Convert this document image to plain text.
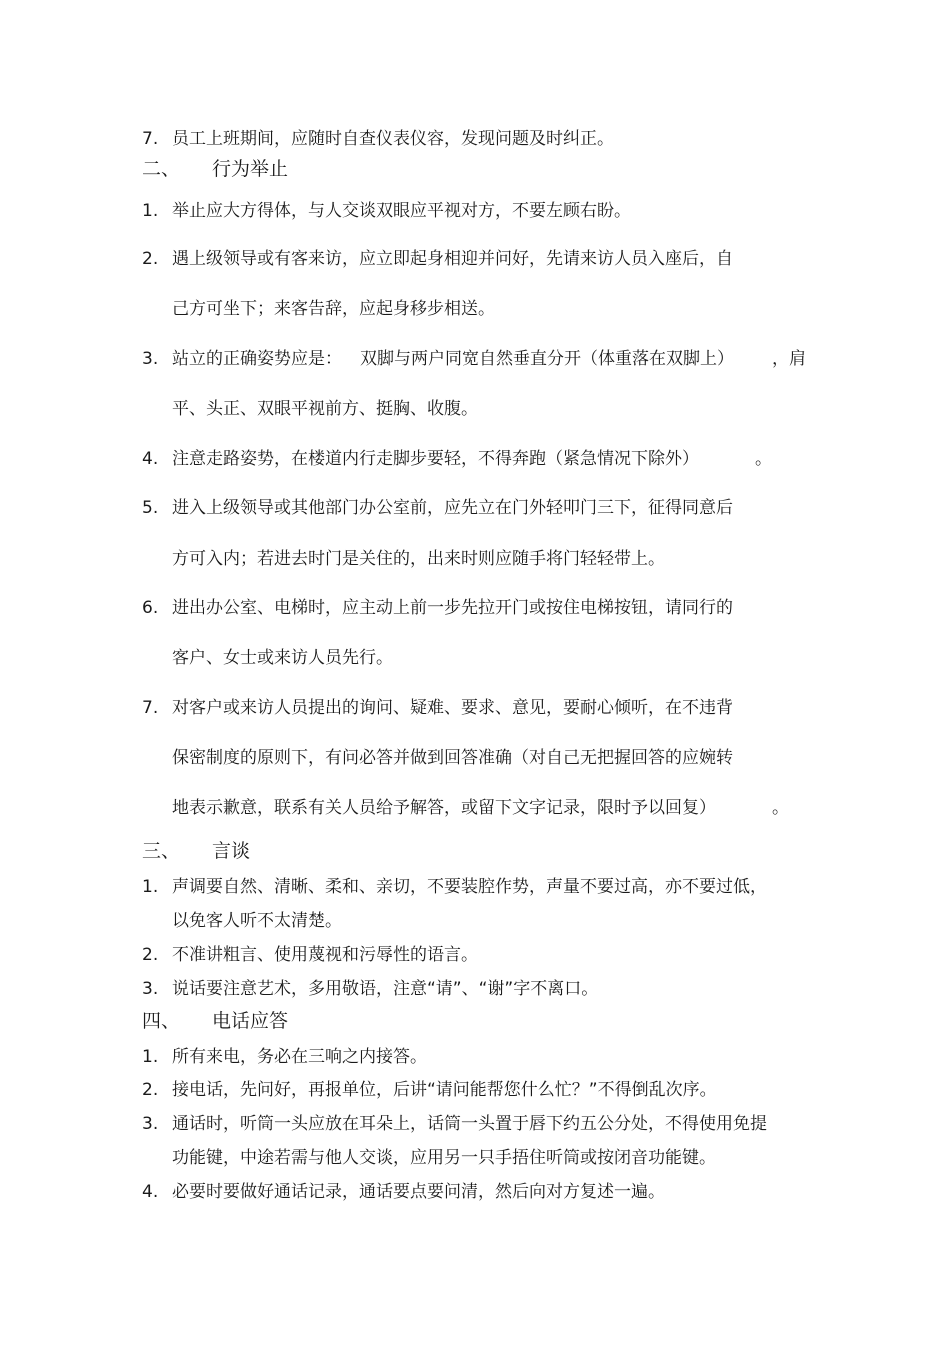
7. 员工上班期间，应随时自查仪表仪容，发现问题及时纠正。
二、 行为举止
1. 举止应大方得体，与人交谈双眼应平视对方，不要左顾右盼。
2. 遇上级领导或有客来访，应立即起身相迎并问好，先请来访人员入座后，自
己方可坐下；来客告辞，应起身移步相送。
3. 站立的正确姿势应是： 双脚与两户同宽自然垂直分开（体重落在双脚上） ，肩
平、头正、双眼平视前方、挺胸、收腹。
4. 注意走路姿势，在楼道内行走脚步要轻，不得奔跑（紧急情况下除外）	。
5. 进入上级领导或其他部门办公室前，应先立在门外轻叩门三下，征得同意后
方可入内；若进去时门是关住的，出来时则应随手将门轻轻带上。
6. 进出办公室、电梯时，应主动上前一步先拉开门或按住电梯按钮，请同行的
客户、女士或来访人员先行。
7. 对客户或来访人员提出的询问、疑难、要求、意见，要耐心倾听，在不违背
保密制度的原则下，有问必答并做到回答准确（对自己无把握回答的应婉转
地表示歉意，联系有关人员给予解答，或留下文字记录，限时予以回复）	。
三、 言谈
1. 声调要自然、清晰、柔和、亲切，不要装腔作势，声量不要过高，亦不要过低，
以免客人听不太清楚。
2. 不准讲粗言、使用蔑视和污辱性的语言。
3. 说话要注意艺术，多用敬语，注意“请”、“谢”字不离口。
四、 电话应答
1. 所有来电，务必在三响之内接答。
2. 接电话，先问好，再报单位，后讲“请问能帮您什么忙？”不得倒乱次序。
3. 通话时，听筒一头应放在耳朵上，话筒一头置于唇下约五公分处，不得使用免提
功能键，中途若需与他人交谈，应用另一只手捂住听筒或按闭音功能键。
4. 必要时要做好通话记录，通话要点要问清，然后向对方复述一遍。
